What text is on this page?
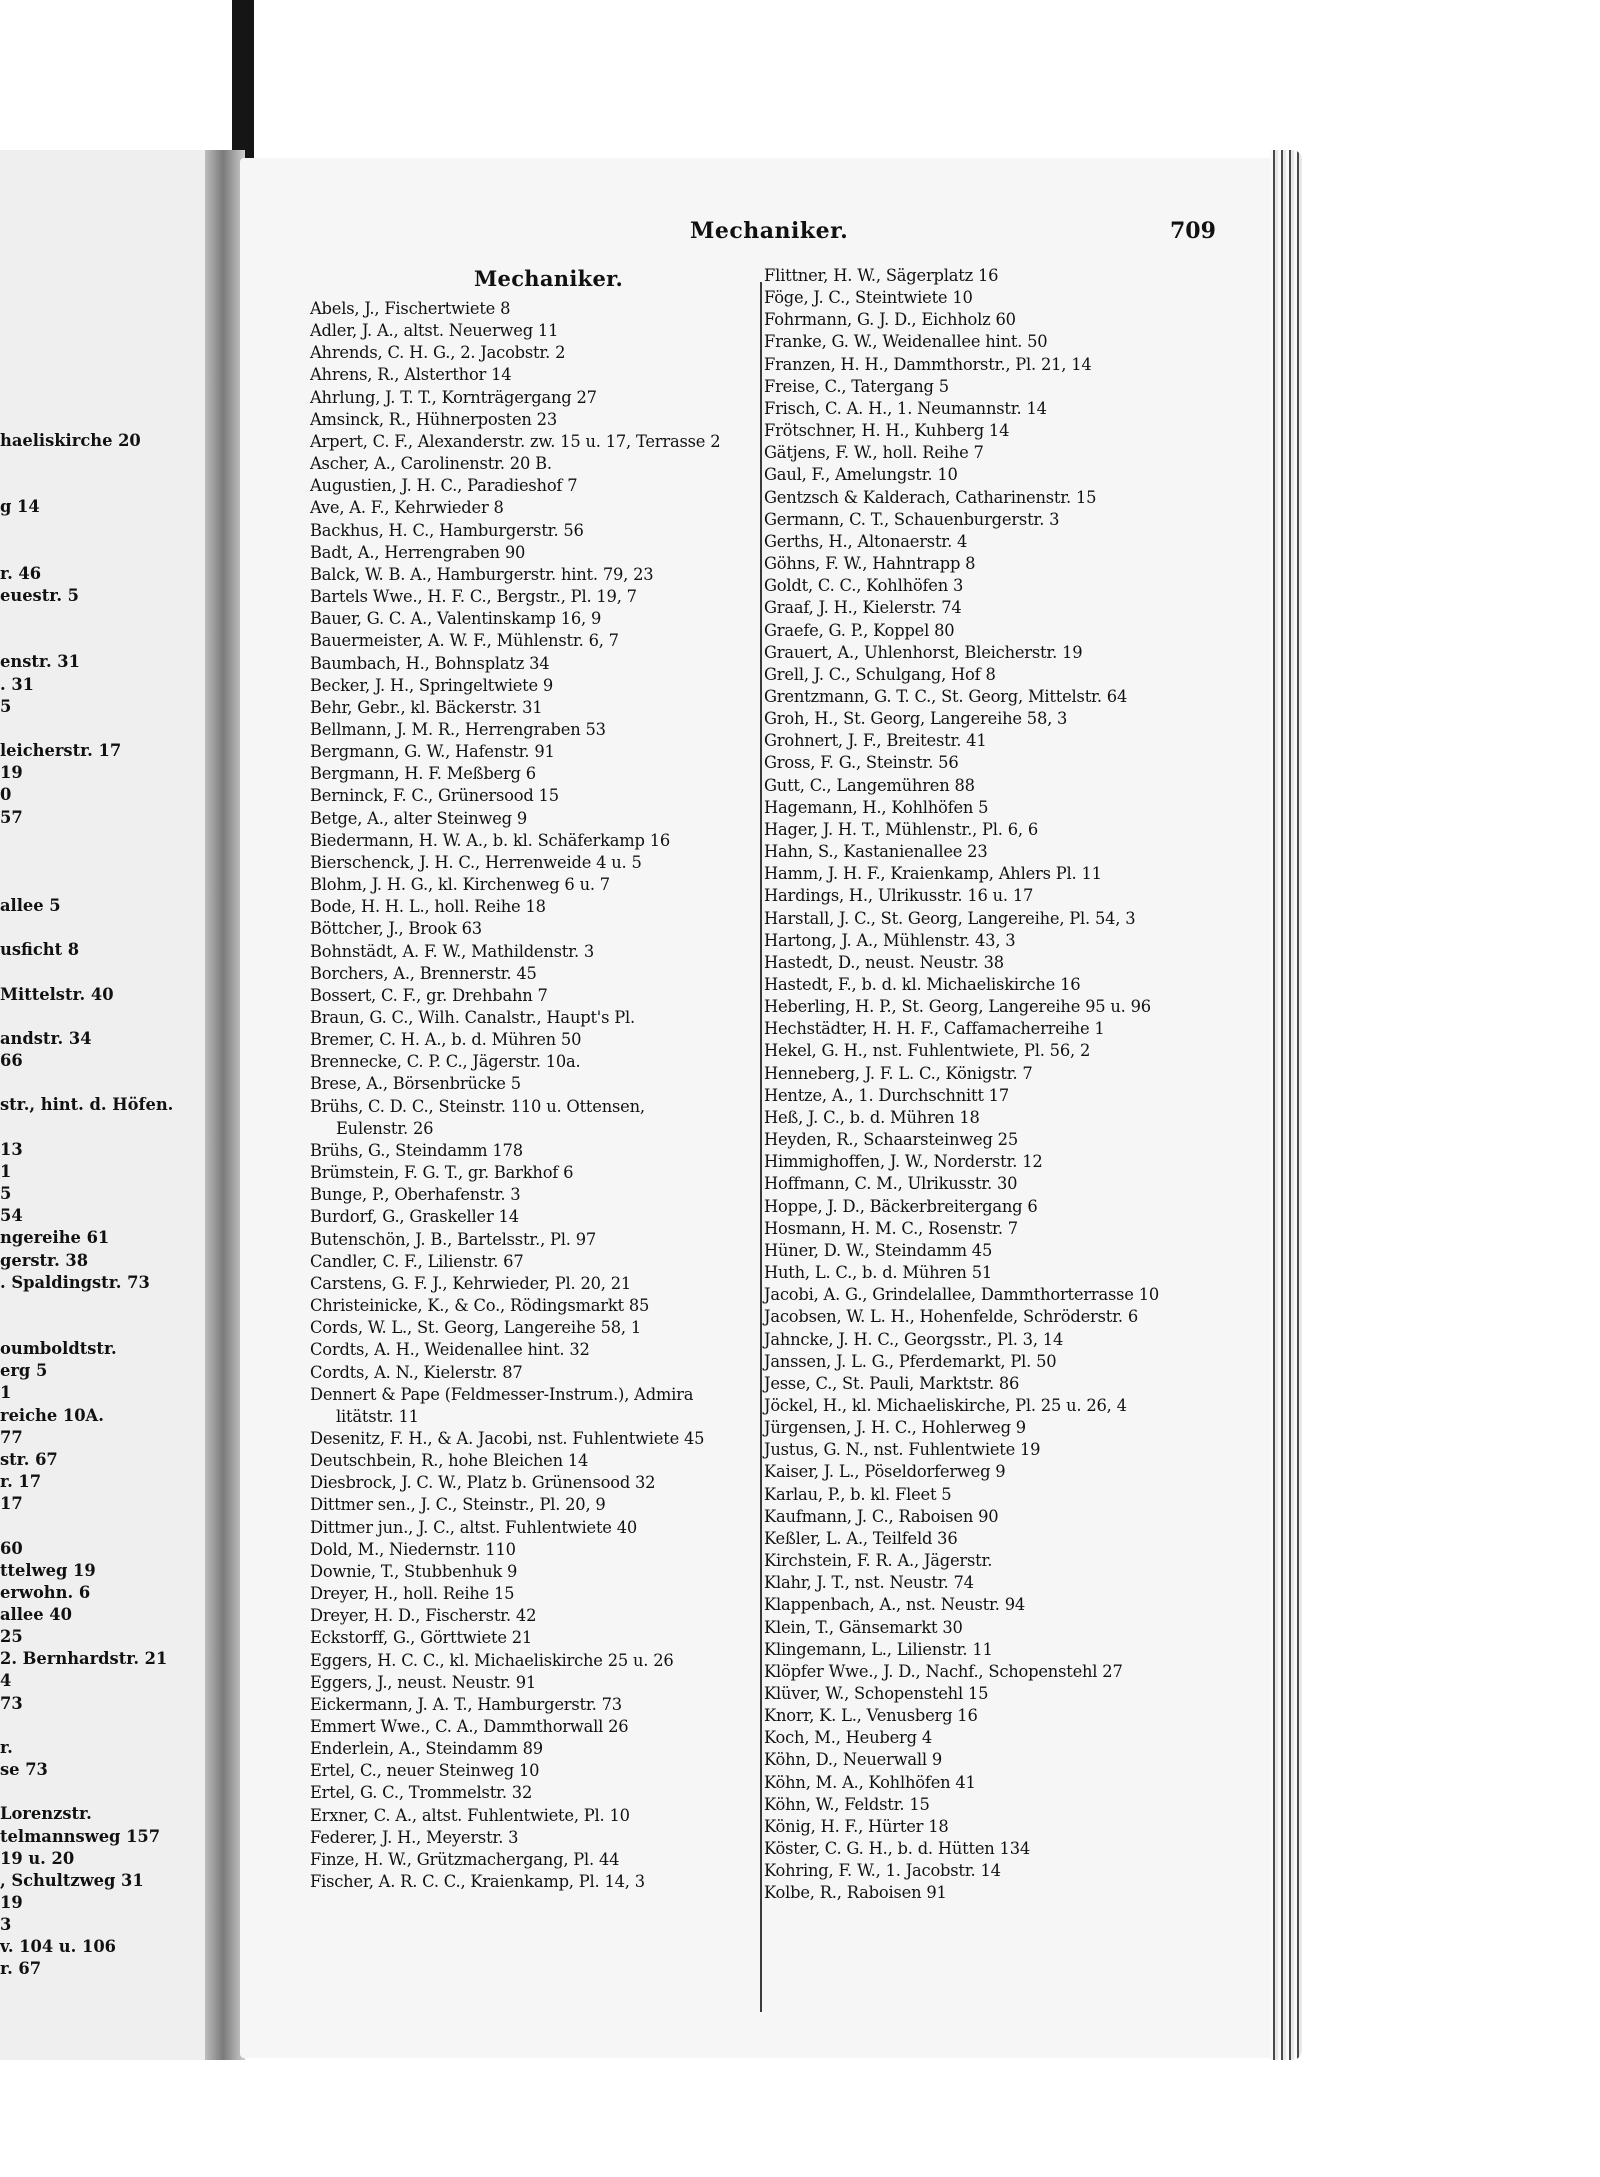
haeliskirche 20
g 14
r. 46
euestr. 5
enstr. 31
. 31
5
leicherstr. 17
19
0
57
allee 5
usficht 8
Mittelstr. 40
andstr. 34
66
str., hint. d. Höfen.
13
1
5
54
ngereihe 61
gerstr. 38
. Spaldingstr. 73
oumboldtstr.
erg 5
1
reiche 10A.
77
str. 67
r. 17
17
60
ttelweg 19
erwohn. 6
allee 40
25
2. Bernhardstr. 21
4
73
r.
se 73
Lorenzstr.
telmannsweg 157
19 u. 20
, Schultzweg 31
19
3
v. 104 u. 106
r. 67
Mechaniker.	709
Mechaniker.
Abels, J., Fischertwiete 8
Adler, J. A., altst. Neuerweg 11
Ahrends, C. H. G., 2. Jacobstr. 2
Ahrens, R., Alsterthor 14
Ahrlung, J. T. T., Kornträgergang 27
Amsinck, R., Hühnerposten 23
Arpert, C. F., Alexanderstr. zw. 15 u. 17, Terrasse 2
Ascher, A., Carolinenstr. 20 B.
Augustien, J. H. C., Paradieshof 7
Ave, A. F., Kehrwieder 8
Backhus, H. C., Hamburgerstr. 56
Badt, A., Herrengraben 90
Balck, W. B. A., Hamburgerstr. hint. 79, 23
Bartels Wwe., H. F. C., Bergstr., Pl. 19, 7
Bauer, G. C. A., Valentinskamp 16, 9
Bauermeister, A. W. F., Mühlenstr. 6, 7
Baumbach, H., Bohnsplatz 34
Becker, J. H., Springeltwiete 9
Behr, Gebr., kl. Bäckerstr. 31
Bellmann, J. M. R., Herrengraben 53
Bergmann, G. W., Hafenstr. 91
Bergmann, H. F. Meßberg 6
Berninck, F. C., Grünersood 15
Betge, A., alter Steinweg 9
Biedermann, H. W. A., b. kl. Schäferkamp 16
Bierschenck, J. H. C., Herrenweide 4 u. 5
Blohm, J. H. G., kl. Kirchenweg 6 u. 7
Bode, H. H. L., holl. Reihe 18
Böttcher, J., Brook 63
Bohnstädt, A. F. W., Mathildenstr. 3
Borchers, A., Brennerstr. 45
Bossert, C. F., gr. Drehbahn 7
Braun, G. C., Wilh. Canalstr., Haupt's Pl.
Bremer, C. H. A., b. d. Mühren 50
Brennecke, C. P. C., Jägerstr. 10a.
Brese, A., Börsenbrücke 5
Brühs, C. D. C., Steinstr. 110 u. Ottensen,
Eulenstr. 26
Brühs, G., Steindamm 178
Brümstein, F. G. T., gr. Barkhof 6
Bunge, P., Oberhafenstr. 3
Burdorf, G., Graskeller 14
Butenschön, J. B., Bartelsstr., Pl. 97
Candler, C. F., Lilienstr. 67
Carstens, G. F. J., Kehrwieder, Pl. 20, 21
Christeinicke, K., & Co., Rödingsmarkt 85
Cords, W. L., St. Georg, Langereihe 58, 1
Cordts, A. H., Weidenallee hint. 32
Cordts, A. N., Kielerstr. 87
Dennert & Pape (Feldmesser-Instrum.), Admira
litätstr. 11
Desenitz, F. H., & A. Jacobi, nst. Fuhlentwiete 45
Deutschbein, R., hohe Bleichen 14
Diesbrock, J. C. W., Platz b. Grünensood 32
Dittmer sen., J. C., Steinstr., Pl. 20, 9
Dittmer jun., J. C., altst. Fuhlentwiete 40
Dold, M., Niedernstr. 110
Downie, T., Stubbenhuk 9
Dreyer, H., holl. Reihe 15
Dreyer, H. D., Fischerstr. 42
Eckstorff, G., Görttwiete 21
Eggers, H. C. C., kl. Michaeliskirche 25 u. 26
Eggers, J., neust. Neustr. 91
Eickermann, J. A. T., Hamburgerstr. 73
Emmert Wwe., C. A., Dammthorwall 26
Enderlein, A., Steindamm 89
Ertel, C., neuer Steinweg 10
Ertel, G. C., Trommelstr. 32
Erxner, C. A., altst. Fuhlentwiete, Pl. 10
Federer, J. H., Meyerstr. 3
Finze, H. W., Grützmachergang, Pl. 44
Fischer, A. R. C. C., Kraienkamp, Pl. 14, 3
Flittner, H. W., Sägerplatz 16
Föge, J. C., Steintwiete 10
Fohrmann, G. J. D., Eichholz 60
Franke, G. W., Weidenallee hint. 50
Franzen, H. H., Dammthorstr., Pl. 21, 14
Freise, C., Tatergang 5
Frisch, C. A. H., 1. Neumannstr. 14
Frötschner, H. H., Kuhberg 14
Gätjens, F. W., holl. Reihe 7
Gaul, F., Amelungstr. 10
Gentzsch & Kalderach, Catharinenstr. 15
Germann, C. T., Schauenburgerstr. 3
Gerths, H., Altonaerstr. 4
Göhns, F. W., Hahntrapp 8
Goldt, C. C., Kohlhöfen 3
Graaf, J. H., Kielerstr. 74
Graefe, G. P., Koppel 80
Grauert, A., Uhlenhorst, Bleicherstr. 19
Grell, J. C., Schulgang, Hof 8
Grentzmann, G. T. C., St. Georg, Mittelstr. 64
Groh, H., St. Georg, Langereihe 58, 3
Grohnert, J. F., Breitestr. 41
Gross, F. G., Steinstr. 56
Gutt, C., Langemühren 88
Hagemann, H., Kohlhöfen 5
Hager, J. H. T., Mühlenstr., Pl. 6, 6
Hahn, S., Kastanienallee 23
Hamm, J. H. F., Kraienkamp, Ahlers Pl. 11
Hardings, H., Ulrikusstr. 16 u. 17
Harstall, J. C., St. Georg, Langereihe, Pl. 54, 3
Hartong, J. A., Mühlenstr. 43, 3
Hastedt, D., neust. Neustr. 38
Hastedt, F., b. d. kl. Michaeliskirche 16
Heberling, H. P., St. Georg, Langereihe 95 u. 96
Hechstädter, H. H. F., Caffamacherreihe 1
Hekel, G. H., nst. Fuhlentwiete, Pl. 56, 2
Henneberg, J. F. L. C., Königstr. 7
Hentze, A., 1. Durchschnitt 17
Heß, J. C., b. d. Mühren 18
Heyden, R., Schaarsteinweg 25
Himmighoffen, J. W., Norderstr. 12
Hoffmann, C. M., Ulrikusstr. 30
Hoppe, J. D., Bäckerbreitergang 6
Hosmann, H. M. C., Rosenstr. 7
Hüner, D. W., Steindamm 45
Huth, L. C., b. d. Mühren 51
Jacobi, A. G., Grindelallee, Dammthorterrasse 10
Jacobsen, W. L. H., Hohenfelde, Schröderstr. 6
Jahncke, J. H. C., Georgsstr., Pl. 3, 14
Janssen, J. L. G., Pferdemarkt, Pl. 50
Jesse, C., St. Pauli, Marktstr. 86
Jöckel, H., kl. Michaeliskirche, Pl. 25 u. 26, 4
Jürgensen, J. H. C., Hohlerweg 9
Justus, G. N., nst. Fuhlentwiete 19
Kaiser, J. L., Pöseldorferweg 9
Karlau, P., b. kl. Fleet 5
Kaufmann, J. C., Raboisen 90
Keßler, L. A., Teilfeld 36
Kirchstein, F. R. A., Jägerstr.
Klahr, J. T., nst. Neustr. 74
Klappenbach, A., nst. Neustr. 94
Klein, T., Gänsemarkt 30
Klingemann, L., Lilienstr. 11
Klöpfer Wwe., J. D., Nachf., Schopenstehl 27
Klüver, W., Schopenstehl 15
Knorr, K. L., Venusberg 16
Koch, M., Heuberg 4
Köhn, D., Neuerwall 9
Köhn, M. A., Kohlhöfen 41
Köhn, W., Feldstr. 15
König, H. F., Hürter 18
Köster, C. G. H., b. d. Hütten 134
Kohring, F. W., 1. Jacobstr. 14
Kolbe, R., Raboisen 91
